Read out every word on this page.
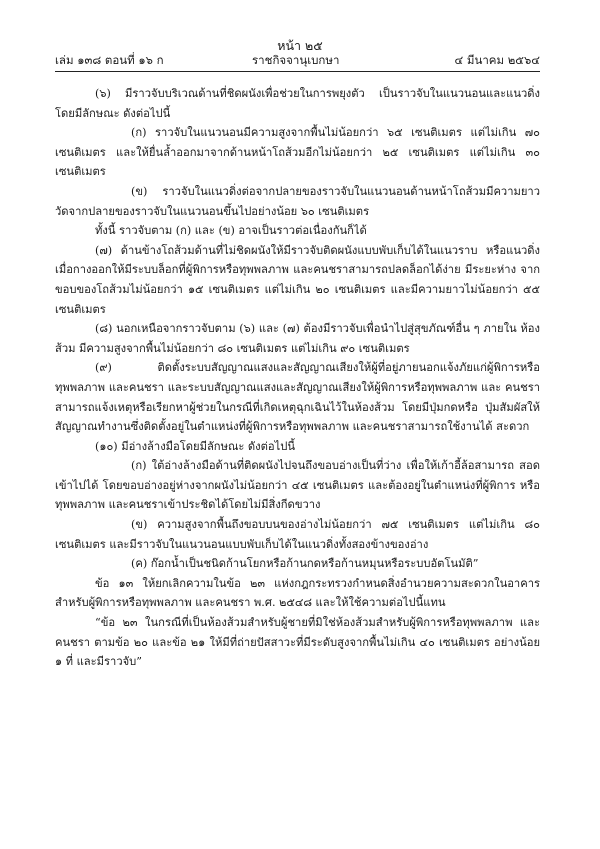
หน้า ๒๕
เล่ม ๑๓๘ ตอนที่ ๑๖ ก	ราชกิจจานุเบกษา	๔ มีนาคม ๒๕๖๔

(๖) มีราวจับบริเวณด้านที่ชิดผนังเพื่อช่วยในการพยุงตัว เป็นราวจับในแนวนอนและแนวดิ่ง โดยมีลักษณะ ดังต่อไปนี้

(ก) ราวจับในแนวนอนมีความสูงจากพื้นไม่น้อยกว่า ๖๕ เซนติเมตร แต่ไม่เกิน ๗๐ เซนติเมตร และให้ยื่นล้ำออกมาจากด้านหน้าโถส้วมอีกไม่น้อยกว่า ๒๕ เซนติเมตร แต่ไม่เกิน ๓๐ เซนติเมตร

(ข) ราวจับในแนวดิ่งต่อจากปลายของราวจับในแนวนอนด้านหน้าโถส้วมมีความยาว วัดจากปลายของราวจับในแนวนอนขึ้นไปอย่างน้อย ๖๐ เซนติเมตร

ทั้งนี้ ราวจับตาม (ก) และ (ข) อาจเป็นราวต่อเนื่องกันก็ได้

(๗) ด้านข้างโถส้วมด้านที่ไม่ชิดผนังให้มีราวจับติดผนังแบบพับเก็บได้ในแนวราบ หรือแนวดิ่ง เมื่อกางออกให้มีระบบล็อกที่ผู้พิการหรือทุพพลภาพ และคนชราสามารถปลดล็อกได้ง่าย มีระยะห่าง จากขอบของโถส้วมไม่น้อยกว่า ๑๕ เซนติเมตร แต่ไม่เกิน ๒๐ เซนติเมตร และมีความยาวไม่น้อยกว่า ๕๕ เซนติเมตร

(๘) นอกเหนือจากราวจับตาม (๖) และ (๗) ต้องมีราวจับเพื่อนำไปสู่สุขภัณฑ์อื่น ๆ ภายใน ห้องส้วม มีความสูงจากพื้นไม่น้อยกว่า ๘๐ เซนติเมตร แต่ไม่เกิน ๙๐ เซนติเมตร

(๙) ติดตั้งระบบสัญญาณแสงและสัญญาณเสียงให้ผู้ที่อยู่ภายนอกแจ้งภัยแก่ผู้พิการหรือ ทุพพลภาพ และคนชรา และระบบสัญญาณแสงและสัญญาณเสียงให้ผู้พิการหรือทุพพลภาพ และ คนชราสามารถแจ้งเหตุหรือเรียกหาผู้ช่วยในกรณีที่เกิดเหตุฉุกเฉินไว้ในห้องส้วม โดยมีปุ่มกดหรือ ปุ่มสัมผัสให้สัญญาณทำงานซึ่งติดตั้งอยู่ในตำแหน่งที่ผู้พิการหรือทุพพลภาพ และคนชราสามารถใช้งานได้ สะดวก

(๑๐) มีอ่างล้างมือโดยมีลักษณะ ดังต่อไปนี้

(ก) ใต้อ่างล้างมือด้านที่ติดผนังไปจนถึงขอบอ่างเป็นที่ว่าง เพื่อให้เก้าอี้ล้อสามารถ สอดเข้าไปได้ โดยขอบอ่างอยู่ห่างจากผนังไม่น้อยกว่า ๔๕ เซนติเมตร และต้องอยู่ในตำแหน่งที่ผู้พิการ หรือทุพพลภาพ และคนชราเข้าประชิดได้โดยไม่มีสิ่งกีดขวาง

(ข) ความสูงจากพื้นถึงขอบบนของอ่างไม่น้อยกว่า ๗๕ เซนติเมตร แต่ไม่เกิน ๘๐ เซนติเมตร และมีราวจับในแนวนอนแบบพับเก็บได้ในแนวดิ่งทั้งสองข้างของอ่าง

(ค) ก๊อกน้ำเป็นชนิดก้านโยกหรือก้านกดหรือก้านหมุนหรือระบบอัตโนมัติ”

ข้อ ๑๓ ให้ยกเลิกความในข้อ ๒๓ แห่งกฎกระทรวงกำหนดสิ่งอำนวยความสะดวกในอาคาร สำหรับผู้พิการหรือทุพพลภาพ และคนชรา พ.ศ. ๒๕๔๘ และให้ใช้ความต่อไปนี้แทน

“ข้อ ๒๓ ในกรณีที่เป็นห้องส้วมสำหรับผู้ชายที่มิใช่ห้องส้วมสำหรับผู้พิการหรือทุพพลภาพ และคนชรา ตามข้อ ๒๐ และข้อ ๒๑ ให้มีที่ถ่ายปัสสาวะที่มีระดับสูงจากพื้นไม่เกิน ๔๐ เซนติเมตร อย่างน้อย ๑ ที่ และมีราวจับ”
